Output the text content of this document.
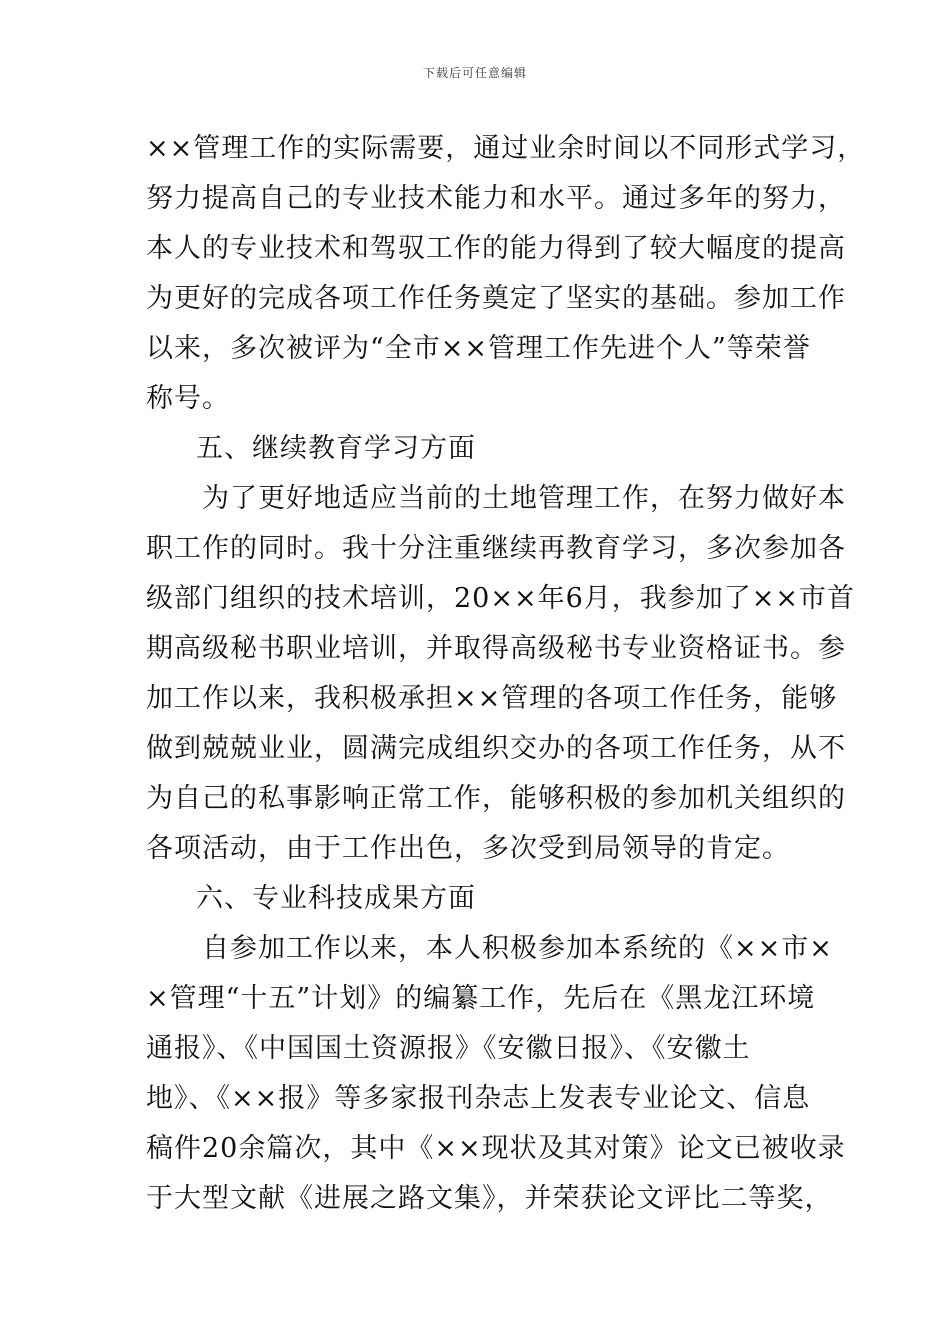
下载后可任意编辑
××管理工作的实际需要，通过业余时间以不同形式学习，
努力提高自己的专业技术能力和水平。通过多年的努力，
本人的专业技术和驾驭工作的能力得到了较大幅度的提高
为更好的完成各项工作任务奠定了坚实的基础。参加工作
以来，多次被评为“全市××管理工作先进个人”等荣誉
称号。
五、继续教育学习方面
为了更好地适应当前的土地管理工作，在努力做好本
职工作的同时。我十分注重继续再教育学习，多次参加各
级部门组织的技术培训，20××年6月，我参加了××市首
期高级秘书职业培训，并取得高级秘书专业资格证书。参
加工作以来，我积极承担××管理的各项工作任务，能够
做到兢兢业业，圆满完成组织交办的各项工作任务，从不
为自己的私事影响正常工作，能够积极的参加机关组织的
各项活动，由于工作出色，多次受到局领导的肯定。
六、专业科技成果方面
自参加工作以来，本人积极参加本系统的《××市×
×管理“十五”计划》的编纂工作，先后在《黑龙江环境
通报》、《中国国土资源报》《安徽日报》、《安徽土
地》、《××报》等多家报刊杂志上发表专业论文、信息
稿件20余篇次，其中《××现状及其对策》论文已被收录
于大型文献《进展之路文集》，并荣获论文评比二等奖，
